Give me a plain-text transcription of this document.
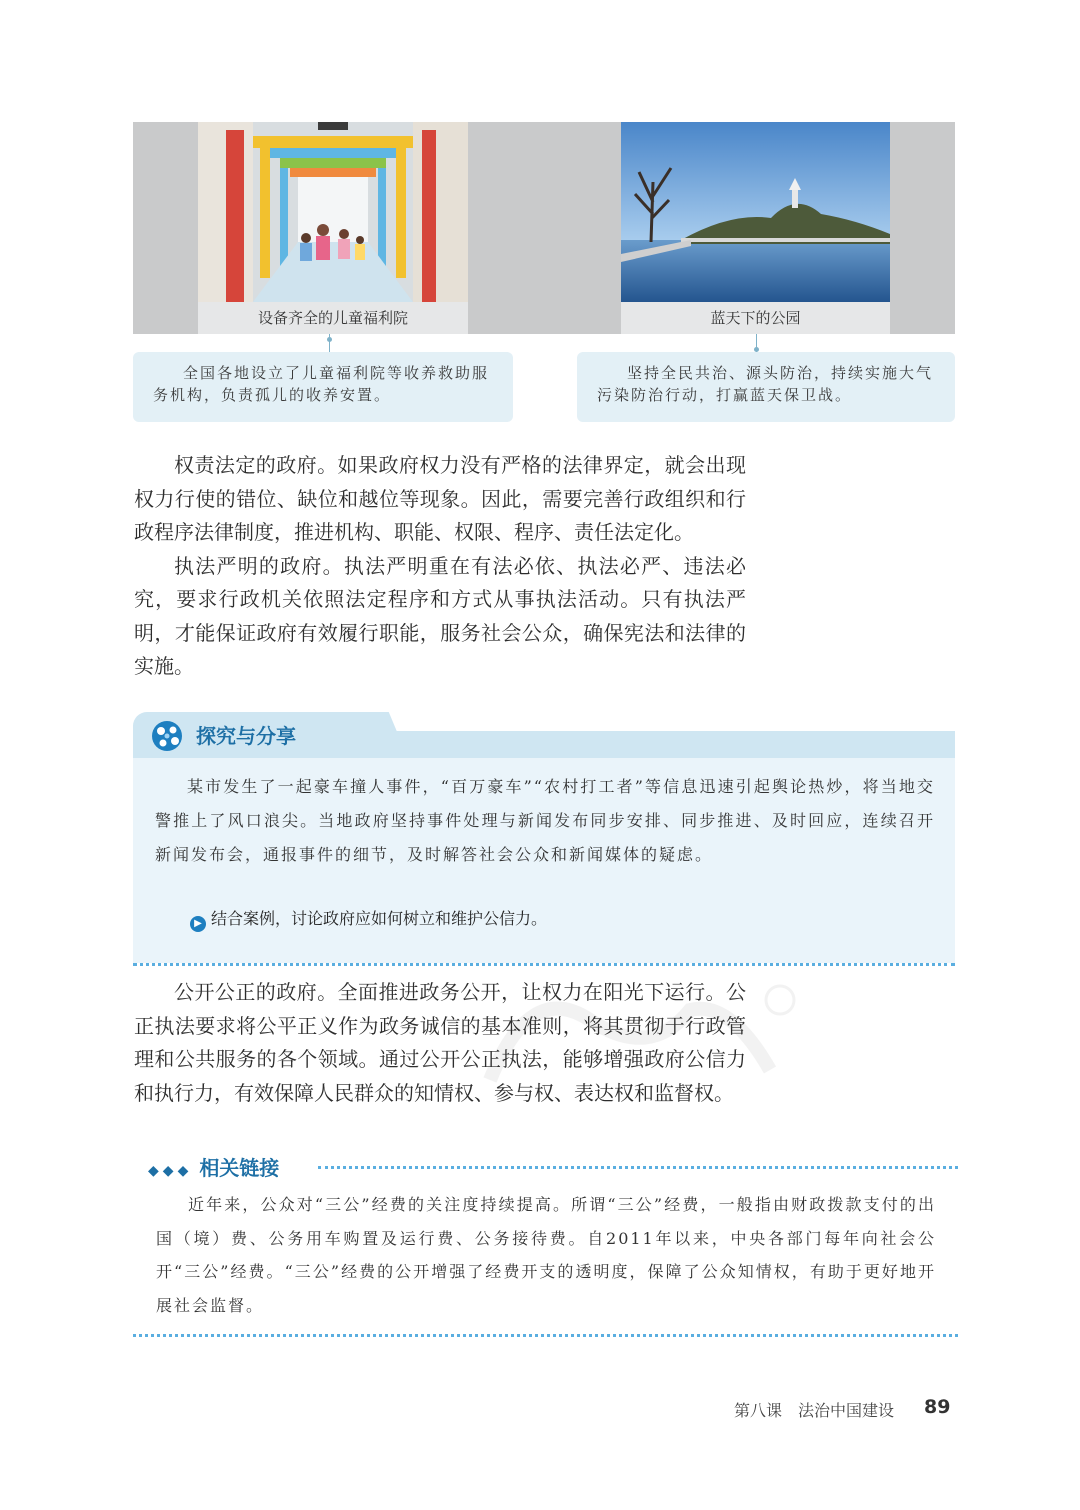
设备齐全的儿童福利院	蓝天下的公园
全国各地设立了儿童福利院等收养救助服务机构，负责孤儿的收养安置。
坚持全民共治、源头防治，持续实施大气污染防治行动，打赢蓝天保卫战。

权责法定的政府。如果政府权力没有严格的法律界定，就会出现权力行使的错位、缺位和越位等现象。因此，需要完善行政组织和行政程序法律制度，推进机构、职能、权限、程序、责任法定化。

执法严明的政府。执法严明重在有法必依、执法必严、违法必究，要求行政机关依照法定程序和方式从事执法活动。只有执法严明，才能保证政府有效履行职能，服务社会公众，确保宪法和法律的实施。

探究与分享

某市发生了一起豪车撞人事件，“百万豪车”“农村打工者”等信息迅速引起舆论热炒，将当地交警推上了风口浪尖。当地政府坚持事件处理与新闻发布同步安排、同步推进、及时回应，连续召开新闻发布会，通报事件的细节，及时解答社会公众和新闻媒体的疑虑。

▶ 结合案例，讨论政府应如何树立和维护公信力。

公开公正的政府。全面推进政务公开，让权力在阳光下运行。公正执法要求将公平正义作为政务诚信的基本准则，将其贯彻于行政管理和公共服务的各个领域。通过公开公正执法，能够增强政府公信力和执行力，有效保障人民群众的知情权、参与权、表达权和监督权。

◆ ◆ ◆ 相关链接

近年来，公众对“三公”经费的关注度持续提高。所谓“三公”经费，一般指由财政拨款支付的出国（境）费、公务用车购置及运行费、公务接待费。自2011年以来，中央各部门每年向社会公开“三公”经费。“三公”经费的公开增强了经费开支的透明度，保障了公众知情权，有助于更好地开展社会监督。

第八课　法治中国建设 89
